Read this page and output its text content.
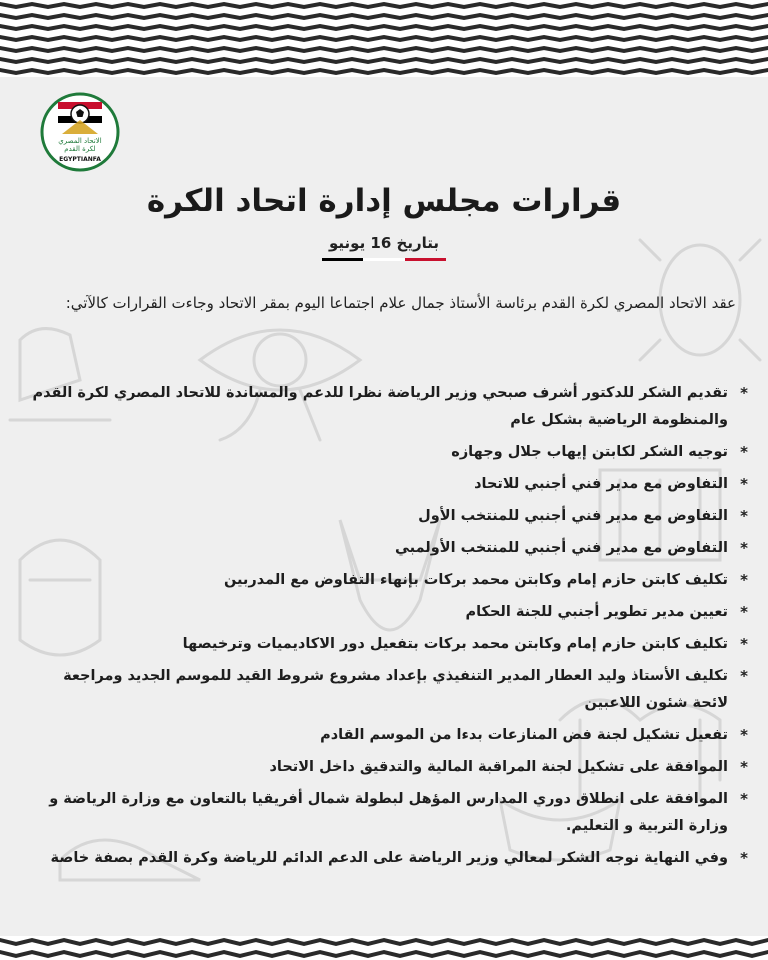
الاتحاد المصري
لكرة القدم
EGYPTIANFA
قرارات مجلس إدارة اتحاد الكرة
بتاريخ 16 يونيو

عقد الاتحاد المصري لكرة القدم برئاسة الأستاذ جمال علام اجتماعا اليوم بمقر الاتحاد وجاءت القرارات كالآتي:

*
تقديم الشكر للدكتور أشرف صبحي وزير الرياضة نظرا للدعم والمساندة للاتحاد المصري لكرة القدم والمنظومة الرياضية بشكل عام
*
توجيه الشكر لكابتن إيهاب جلال وجهازه
*
التفاوض مع مدير فني أجنبي للاتحاد
*
التفاوض مع مدير فني أجنبي للمنتخب الأول
*
التفاوض مع مدير فني أجنبي للمنتخب الأولمبي
*
تكليف كابتن حازم إمام وكابتن محمد بركات بإنهاء التفاوض مع المدربين
*
تعيين مدير تطوير أجنبي للجنة الحكام
*
تكليف كابتن حازم إمام وكابتن محمد بركات بتفعيل دور الاكاديميات وترخيصها
*
تكليف الأستاذ وليد العطار المدير التنفيذي بإعداد مشروع شروط القيد للموسم الجديد ومراجعة لائحة شئون اللاعبين
*
تفعيل تشكيل لجنة فض المنازعات بدءا من الموسم القادم
*
الموافقة على تشكيل لجنة المراقبة المالية والتدقيق داخل الاتحاد
*
الموافقة على انطلاق دوري المدارس المؤهل لبطولة شمال أفريقيا بالتعاون مع وزارة الرياضة و وزارة التربية و التعليم.
*
وفي النهاية نوجه الشكر لمعالي وزير الرياضة على الدعم الدائم للرياضة وكرة القدم بصفة خاصة
